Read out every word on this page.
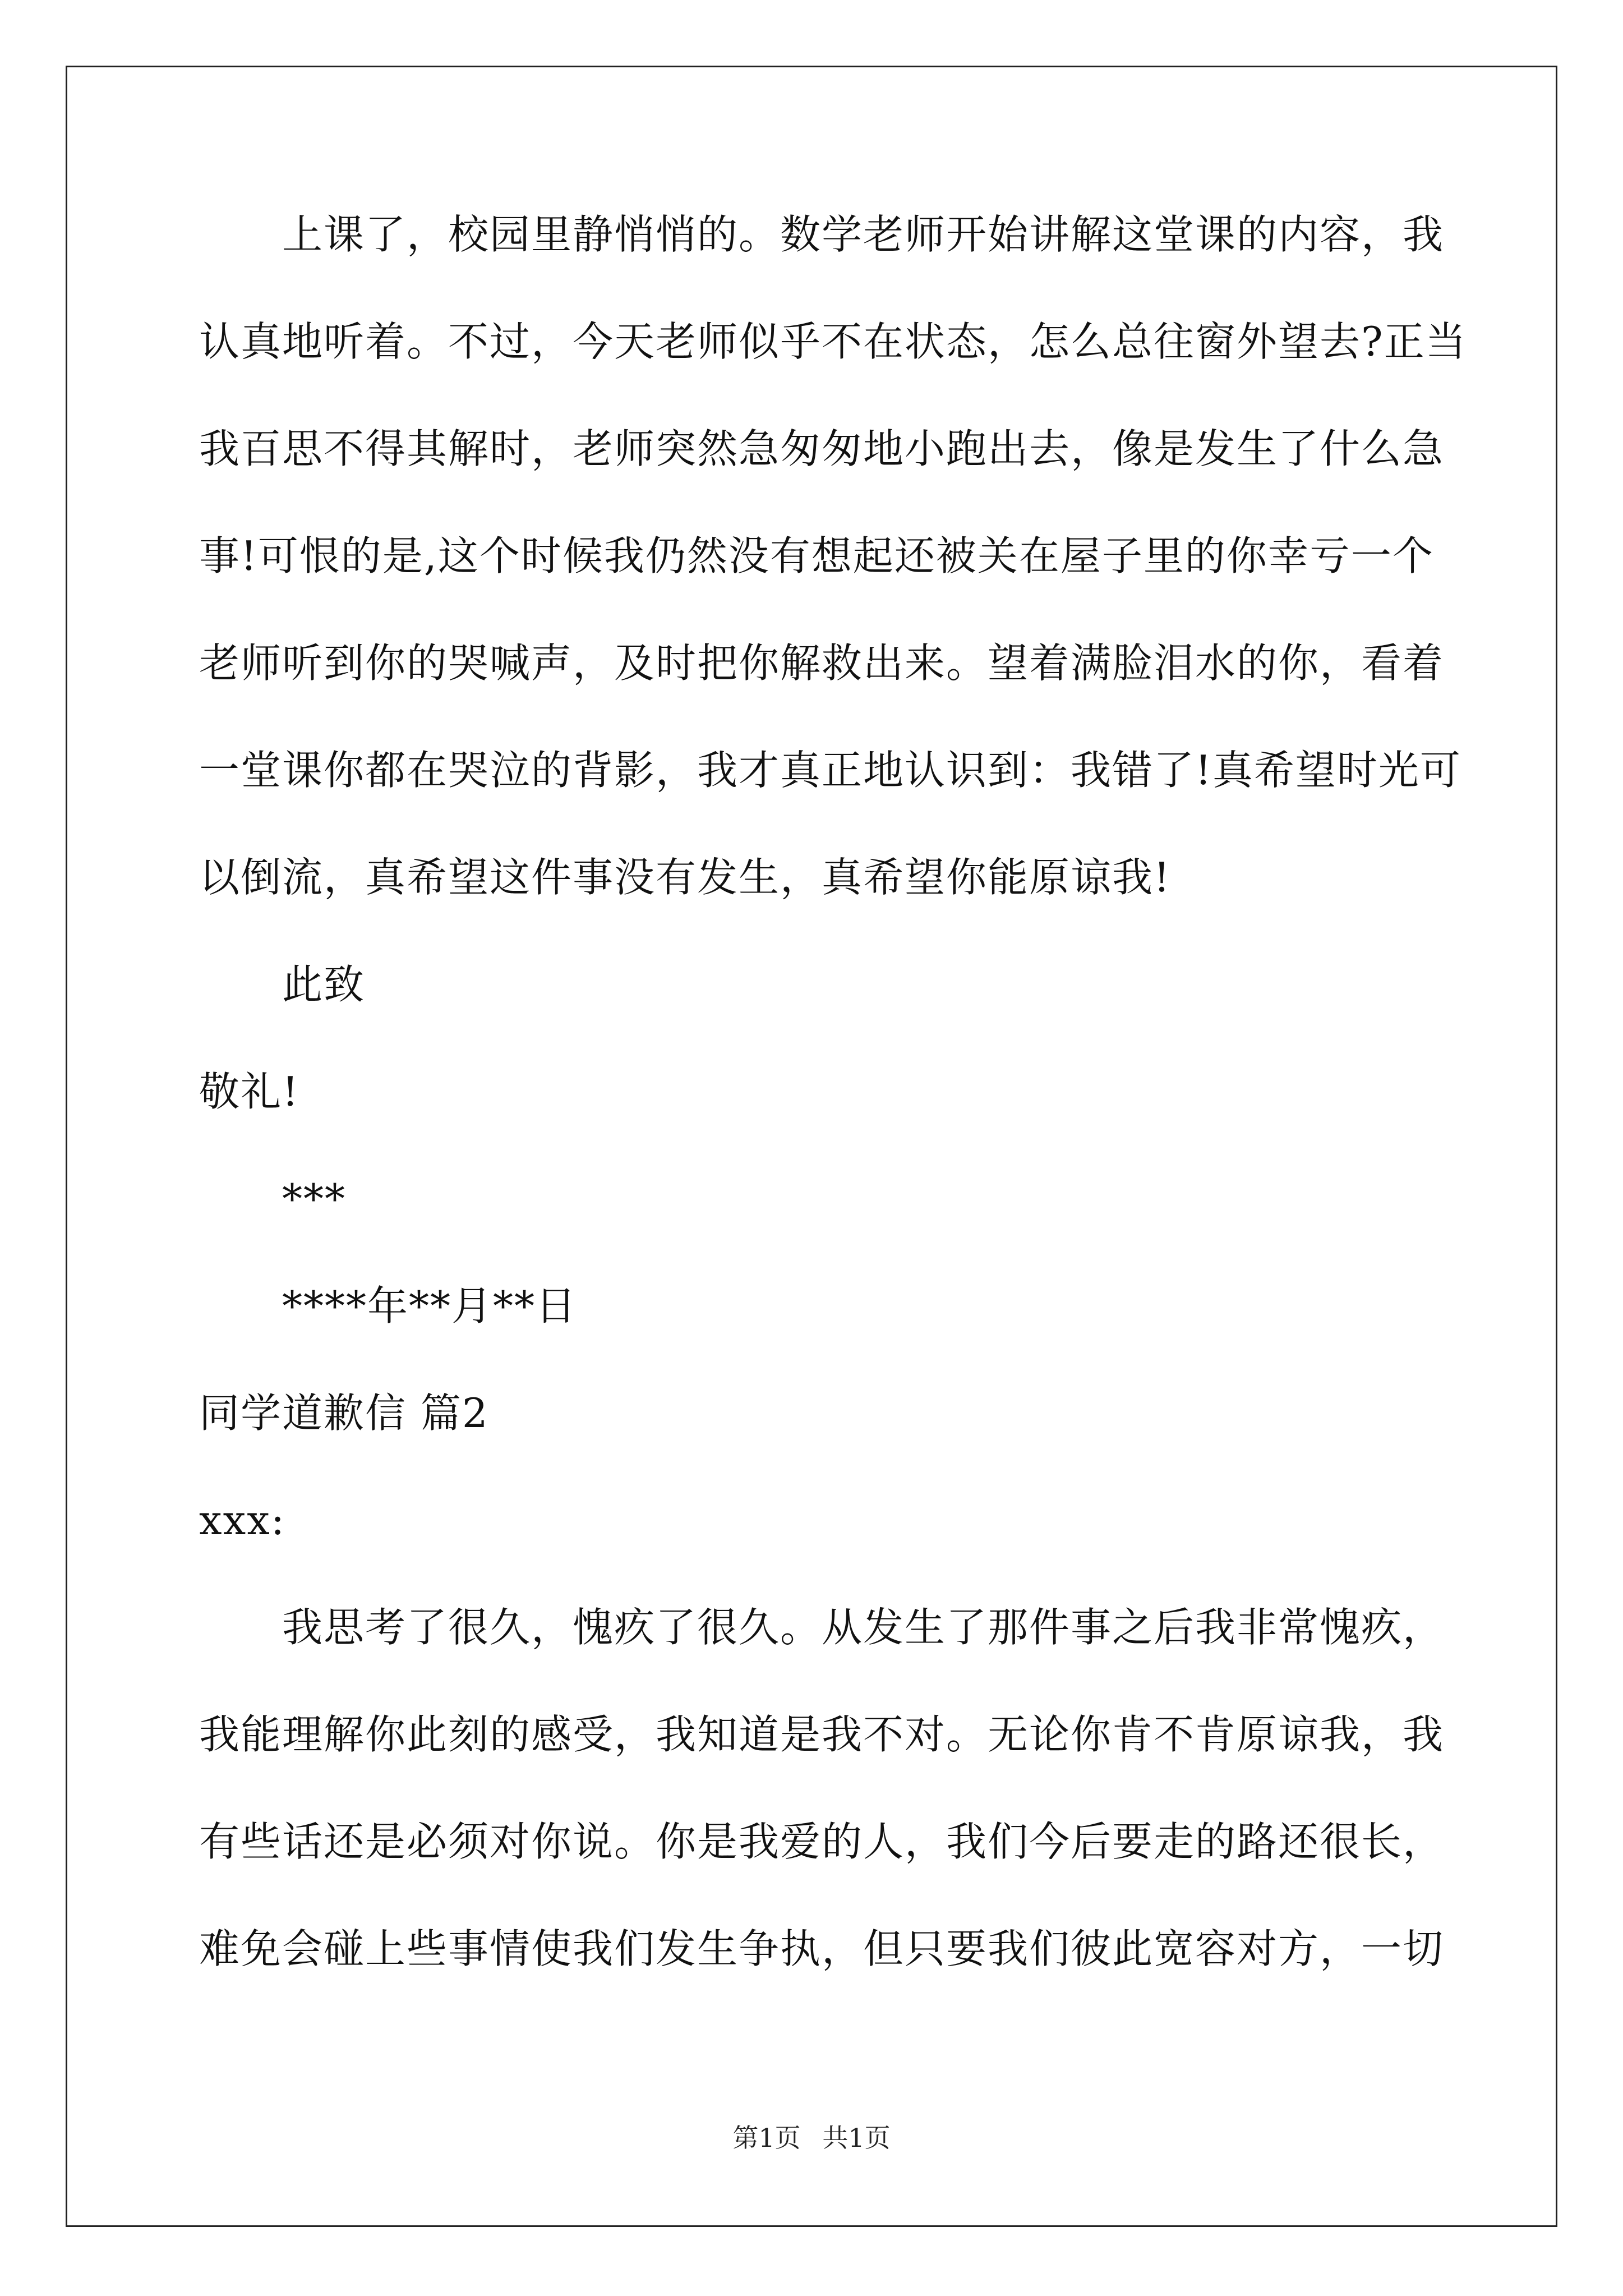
上课了，校园里静悄悄的。数学老师开始讲解这堂课的内容，我
认真地听着。不过，今天老师似乎不在状态，怎么总往窗外望去?正当
我百思不得其解时，老师突然急匆匆地小跑出去，像是发生了什么急
事!可恨的是,这个时候我仍然没有想起还被关在屋子里的你幸亏一个
老师听到你的哭喊声，及时把你解救出来。望着满脸泪水的你，看着
一堂课你都在哭泣的背影，我才真正地认识到：我错了!真希望时光可
以倒流，真希望这件事没有发生，真希望你能原谅我!
此致
敬礼!
***
****年**月**日
同学道歉信 篇2
xxx:
我思考了很久，愧疚了很久。从发生了那件事之后我非常愧疚，
我能理解你此刻的感受，我知道是我不对。无论你肯不肯原谅我，我
有些话还是必须对你说。你是我爱的人，我们今后要走的路还很长，
难免会碰上些事情使我们发生争执，但只要我们彼此宽容对方，一切
第1页 共1页
